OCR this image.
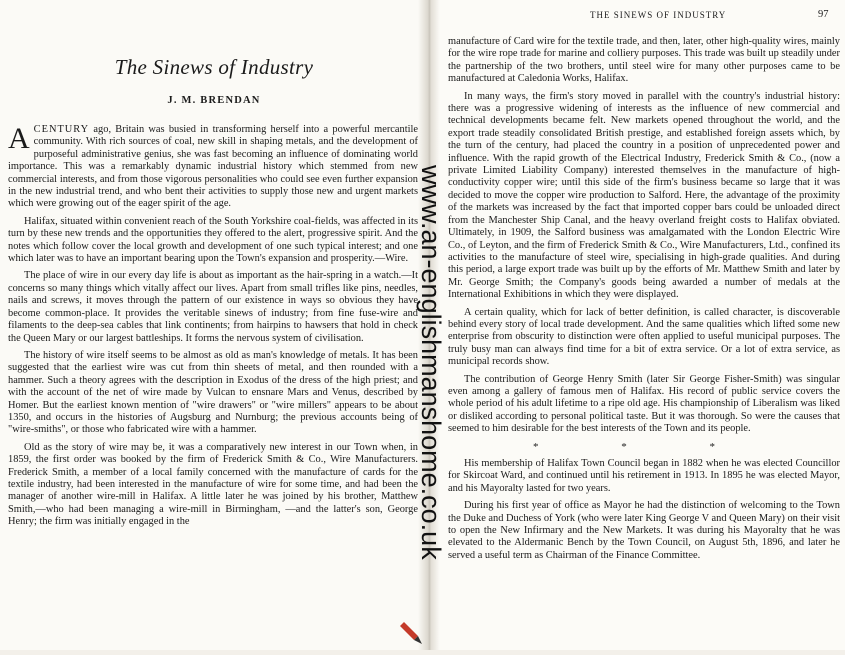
The Sinews of Industry
J. M. BRENDAN

ACENTURY ago, Britain was busied in transforming herself into a powerful mercantile community. With rich sources of coal, new skill in shaping metals, and the development of purposeful administrative genius, she was fast becoming an influence of dominating world importance. This was a remarkably dynamic industrial history which stemmed from new commercial interests, and from those vigorous personalities who could see even further expansion in the new industrial trend, and who bent their activities to supply those new and urgent markets which were growing out of the eager spirit of the age.

Halifax, situated within convenient reach of the South Yorkshire coal-fields, was affected in its turn by these new trends and the opportunities they offered to the alert, progressive spirit. And the notes which follow cover the local growth and development of one such typical interest; and one which later was to have an important bearing upon the Town's expansion and prosperity.—Wire.

The place of wire in our every day life is about as important as the hair-spring in a watch.—It concerns so many things which vitally affect our lives. Apart from small trifles like pins, needles, nails and screws, it moves through the pattern of our existence in ways so obvious they have become common-place. It provides the veritable sinews of industry; from fine fuse-wire and filaments to the deep-sea cables that link continents; from hairpins to hawsers that hold in check the Queen Mary or our largest battleships. It forms the nervous system of civilisation.

The history of wire itself seems to be almost as old as man's knowledge of metals. It has been suggested that the earliest wire was cut from thin sheets of metal, and then rounded with a hammer. Such a theory agrees with the description in Exodus of the dress of the high priest; and with the account of the net of wire made by Vulcan to ensnare Mars and Venus, described by Homer. But the earliest known mention of "wire drawers" or "wire millers" appears to be about 1350, and occurs in the histories of Augsburg and Nurnburg; the previous accounts being of "wire-smiths", or those who fabricated wire with a hammer.

Old as the story of wire may be, it was a comparatively new interest in our Town when, in 1859, the first order was booked by the firm of Frederick Smith & Co., Wire Manufacturers. Frederick Smith, a member of a local family concerned with the manufacture of cards for the textile industry, had been interested in the manufacture of wire for some time, and had been the manager of another wire-mill in Halifax. A little later he was joined by his brother, Matthew Smith,—who had been managing a wire-mill in Birmingham, —and the latter's son, George Henry; the firm was initially engaged in the

THE SINEWS OF INDUSTRY	97

manufacture of Card wire for the textile trade, and then, later, other high-quality wires, mainly for the wire rope trade for marine and colliery purposes. This trade was built up steadily under the partnership of the two brothers, until steel wire for many other purposes came to be manufactured at Caledonia Works, Halifax.

In many ways, the firm's story moved in parallel with the country's industrial history: there was a progressive widening of interests as the influence of new commercial and technical developments became felt. New markets opened throughout the world, and the export trade steadily consolidated British prestige, and established foreign assets which, by the turn of the century, had placed the country in a position of unprecedented power and influence. With the rapid growth of the Electrical Industry, Frederick Smith & Co., (now a private Limited Liability Company) interested themselves in the manufacture of high-conductivity copper wire; until this side of the firm's business became so large that it was decided to move the copper wire production to Salford. Here, the advantage of the proximity of the markets was increased by the fact that imported copper bars could be unloaded direct from the Manchester Ship Canal, and the heavy overland freight costs to Halifax obviated. Ultimately, in 1909, the Salford business was amalgamated with the London Electric Wire Co., of Leyton, and the firm of Frederick Smith & Co., Wire Manufacturers, Ltd., confined its activities to the manufacture of steel wire, specialising in high-grade qualities. And during this period, a large export trade was built up by the efforts of Mr. Matthew Smith and later by Mr. George Smith; the Company's goods being awarded a number of medals at the International Exhibitions in which they were displayed.

A certain quality, which for lack of better definition, is called character, is discoverable behind every story of local trade development. And the same qualities which lifted some new enterprise from obscurity to distinction were often applied to useful municipal purposes. The truly busy man can always find time for a bit of extra service. Or a lot of extra service, as municipal records show.

The contribution of George Henry Smith (later Sir George Fisher-Smith) was singular even among a gallery of famous men of Halifax. His record of public service covers the whole period of his adult lifetime to a ripe old age. His championship of Liberalism was liked or disliked according to personal political taste. But it was thorough. So were the causes that seemed to him desirable for the best interests of the Town and its people.

* * *

His membership of Halifax Town Council began in 1882 when he was elected Councillor for Skircoat Ward, and continued until his retirement in 1913. In 1895 he was elected Mayor, and his Mayoralty lasted for two years.

During his first year of office as Mayor he had the distinction of welcoming to the Town the Duke and Duchess of York (who were later King George V and Queen Mary) on their visit to open the New Infirmary and the New Markets. It was during his Mayoralty that he was elevated to the Aldermanic Bench by the Town Council, on August 5th, 1896, and later he served a useful term as Chairman of the Finance Committee.

www.an-englishmanshome.co.uk
